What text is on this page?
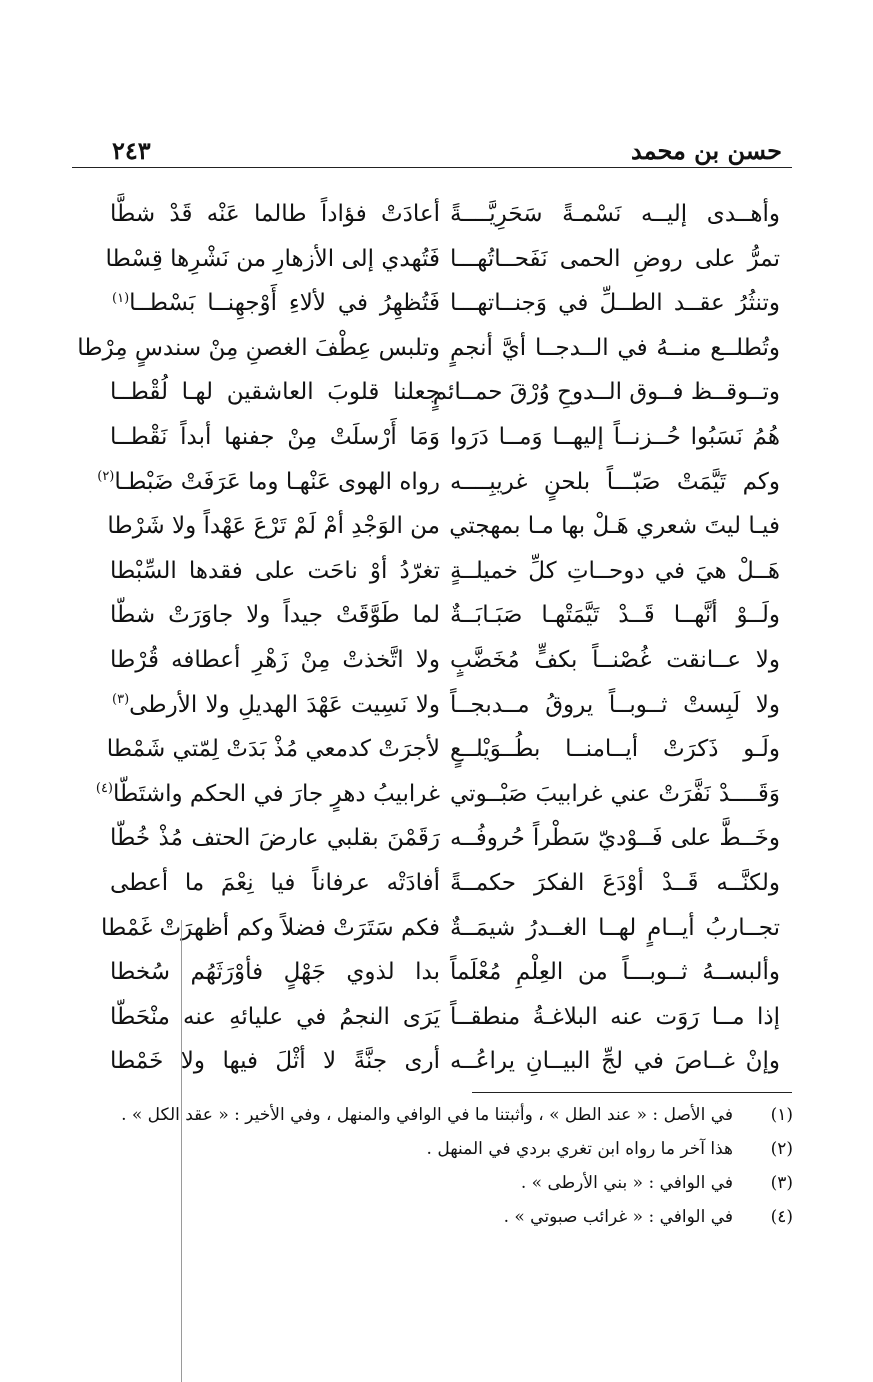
حسن بن محمد
٢٤٣
وأهــدى إليــه نَسْمـةً سَحَرِيَّــــةً
أعادَتْ فؤاداً طالما عَنْه قَدْ شطَّا
تمرُّ على روضِ الحمى نَفَحــاتُهـــا
فَتُهدي إلى الأزهارِ من نَشْرِها قِسْطا
وتنثُرُ عقــد الطــلِّ في وَجنــاتهـــا
فَتُظهِرُ في لألاءِ أَوْجهِنــا بَسْطــا$^{(١)}$
وتُطلــع منــهُ في الــدجــا أيَّ أنجمٍ
وتلبس عِطْفَ الغصنِ مِنْ سندسٍ مِرْطا
وتــوقــظ فــوق الــدوحِ وُرْقَ حمــائمٍ
جعلنا قلوبَ العاشقين لهـا لُقْطــا
هُمُ نَسَبُوا حُــزنــاً إليهــا وَمــا دَرَوا
وَمَا أَرْسلَتْ مِنْ جفنها أبداً نَقْطــا
وكم تَيَّمَتْ صَبّـــاً بلحنٍ غريبِــــه
رواه الهوى عَنْهـا وما عَرَفَتْ ضَبْطـا$^{(٢)}$
فيـا ليتَ شعري هَـلْ بها مـا بمهجتي
من الوَجْدِ أمْ لَمْ تَرْعَ عَهْداً ولا شَرْطا
هَــلْ هيَ في دوحــاتِ كلِّ خميلــةٍ
تغرّدُ أوْ ناحَت على فقدها السِّبْطا
ولَــوْ أنَّهــا قَــدْ تَيَّمَتْهـا صَبَـابَــةٌ
لما طَوَّقَتْ جيداً ولا جاوَرَتْ شطّا
ولا عــانقت غُصْنــاً بكفٍّ مُخَضَّبٍ
ولا اتَّخذتْ مِنْ زَهْرِ أعطافه قُرْطا
ولا لَبِستْ ثــوبــاً يروقُ مــدبجــاً
ولا نَسِيت عَهْدَ الهديلِ ولا الأرطى$^{(٣)}$
ولَـو ذَكرَتْ أيــامنــا بطُــوَيْلــعٍ
لأجرَتْ كدمعي مُذْ بَدَتْ لِمّتي شَمْطا
وَقَــــدْ نَفَّرَتْ عني غرابيبَ صَبْــوتي
غرابيبُ دهرٍ جارَ في الحكم واشتَطّا$^{(٤)}$
وخَــطَّ على فَــوْديّ سَطْراً حُروفُــه
رَقَمْنَ بقلبي عارضَ الحتف مُذْ خُطّا
ولكنَّــه قَــدْ أوْدَعَ الفكرَ حكمــةً
أفادَتْه عرفاناً فيا نِعْمَ ما أعطى
تجــاربُ أيــامٍ لهــا الغــدرُ شيمَــةٌ
فكم سَتَرَتْ فضلاً وكم أظهرَتْ غَمْطا
وألبســهُ ثــوبـــاً من العِلْمِ مُعْلَماً
بدا لذوي جَهْلٍ فأوْرَثَهُم سُخطا
إذا مــا رَوَت عنه البلاغـةُ منطقــاً
يَرَى النجمُ في عليائهِ عنه منْحَطّا
وإنْ غــاصَ في لجِّ البيــانِ يراعُــه
أرى جنَّةً لا أثْلَ فيها ولا خَمْطا
(١)
في الأصل : « عند الطل » ، وأثبتنا ما في الوافي والمنهل ، وفي الأخير : « عقد الكل » .
(٢)
هذا آخر ما رواه ابن تغري بردي في المنهل .
(٣)
في الوافي : « بني الأرطى » .
(٤)
في الوافي : « غرائب صبوتي » .
